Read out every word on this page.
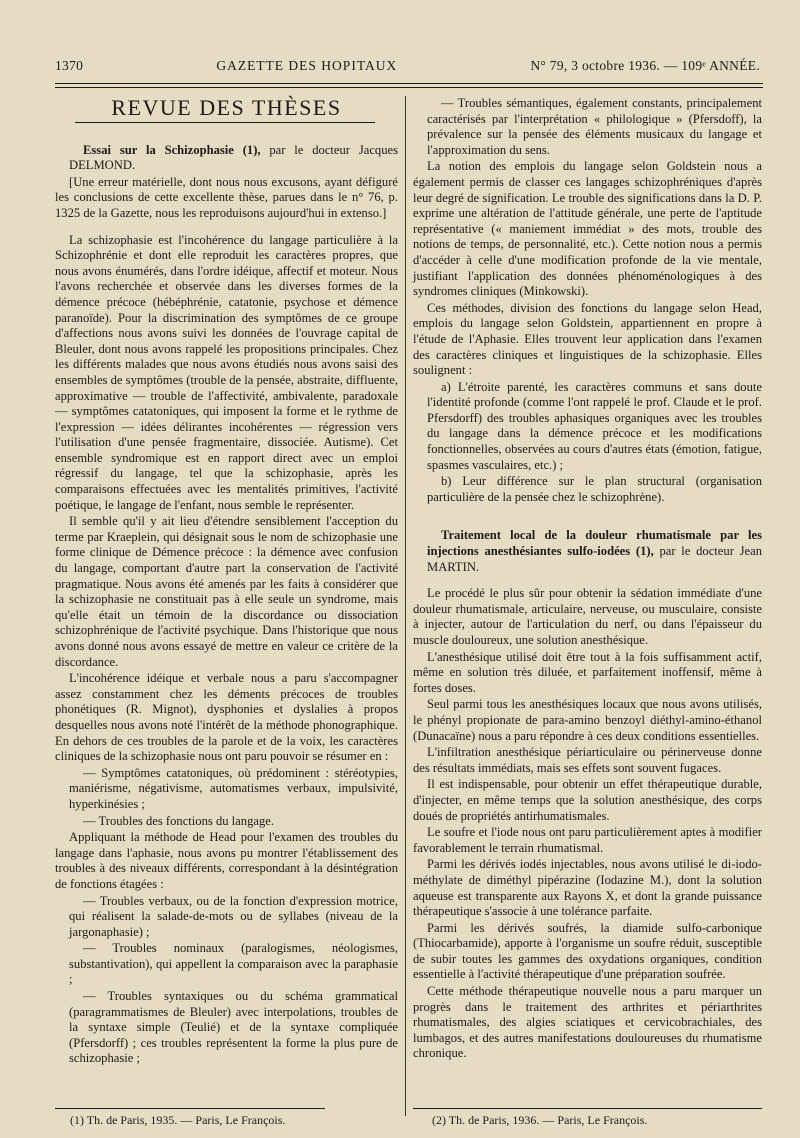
1370	GAZETTE DES HOPITAUX	N° 79, 3 octobre 1936. — 109ᵉ ANNÉE.
REVUE DES THÈSES

Essai sur la Schizophasie (1), par le docteur Jacques DELMOND.

[Une erreur matérielle, dont nous nous excusons, ayant défiguré les conclusions de cette excellente thèse, parues dans le n° 76, p. 1325 de la Gazette, nous les reproduisons aujourd'hui in extenso.]

La schizophasie est l'incohérence du langage particulière à la Schizophrénie et dont elle reproduit les caractères propres, que nous avons énumérés, dans l'ordre idéique, affectif et moteur. Nous l'avons recherchée et observée dans les diverses formes de la démence précoce (hébéphrénie, catatonie, psychose et démence paranoïde). Pour la discrimination des symptômes de ce groupe d'affections nous avons suivi les données de l'ouvrage capital de Bleuler, dont nous avons rappelé les propositions principales. Chez les différents malades que nous avons étudiés nous avons saisi des ensembles de symptômes (trouble de la pensée, abstraite, diffluente, approximative — trouble de l'affectivité, ambivalente, paradoxale — symptômes catatoniques, qui imposent la forme et le rythme de l'expression — idées délirantes incohérentes — régression vers l'utilisation d'une pensée fragmentaire, dissociée. Autisme). Cet ensemble syndromique est en rapport direct avec un emploi régressif du langage, tel que la schizophasie, après les comparaisons effectuées avec les mentalités primitives, l'activité poétique, le langage de l'enfant, nous semble le représenter.

Il semble qu'il y ait lieu d'étendre sensiblement l'acception du terme par Kraeplein, qui désignait sous le nom de schizophasie une forme clinique de Démence précoce : la démence avec confusion du langage, comportant d'autre part la conservation de l'activité pragmatique. Nous avons été amenés par les faits à considérer que la schizophasie ne constituait pas à elle seule un syndrome, mais qu'elle était un témoin de la discordance ou dissociation schizophrénique de l'activité psychique. Dans l'historique que nous avons donné nous avons essayé de mettre en valeur ce critère de la discordance.

L'incohérence idéique et verbale nous a paru s'accompagner assez constamment chez les déments précoces de troubles phonétiques (R. Mignot), dysphonies et dyslalies à propos desquelles nous avons noté l'intérêt de la méthode phonographique. En dehors de ces troubles de la parole et de la voix, les caractères cliniques de la schizophasie nous ont paru pouvoir se résumer en :

— Symptômes catatoniques, où prédominent : stéréotypies, maniérisme, négativisme, automatismes verbaux, impulsivité, hyperkinésies ;

— Troubles des fonctions du langage.

Appliquant la méthode de Head pour l'examen des troubles du langage dans l'aphasie, nous avons pu montrer l'établissement des troubles à des niveaux différents, correspondant à la désintégration de fonctions étagées :

— Troubles verbaux, ou de la fonction d'expression motrice, qui réalisent la salade-de-mots ou de syllabes (niveau de la jargonaphasie) ;

— Troubles nominaux (paralogismes, néologismes, substantivation), qui appellent la comparaison avec la paraphasie ;

— Troubles syntaxiques ou du schéma grammatical (paragrammatismes de Bleuler) avec interpolations, troubles de la syntaxe simple (Teulié) et de la syntaxe compliquée (Pfersdorff) ; ces troubles représentent la forme la plus pure de schizophasie ;

— Troubles sémantiques, également constants, principalement caractérisés par l'interprétation « philologique » (Pfersdoff), la prévalence sur la pensée des éléments musicaux du langage et l'approximation du sens.

La notion des emplois du langage selon Goldstein nous a également permis de classer ces langages schizophréniques d'après leur degré de signification. Le trouble des significations dans la D. P. exprime une altération de l'attitude générale, une perte de l'aptitude représentative (« maniement immédiat » des mots, trouble des notions de temps, de personnalité, etc.). Cette notion nous a permis d'accéder à celle d'une modification profonde de la vie mentale, justifiant l'application des données phénoménologiques à des syndromes cliniques (Minkowski).

Ces méthodes, division des fonctions du langage selon Head, emplois du langage selon Goldstein, appartiennent en propre à l'étude de l'Aphasie. Elles trouvent leur application dans l'examen des caractères cliniques et linguistiques de la schizophasie. Elles soulignent :

a) L'étroite parenté, les caractères communs et sans doute l'identité profonde (comme l'ont rappelé le prof. Claude et le prof. Pfersdorff) des troubles aphasiques organiques avec les troubles du langage dans la démence précoce et les modifications fonctionnelles, observées au cours d'autres états (émotion, fatigue, spasmes vasculaires, etc.) ;

b) Leur différence sur le plan structural (organisation particulière de la pensée chez le schizophrène).

Traitement local de la douleur rhumatismale par les injections anesthésiantes sulfo-iodées (1), par le docteur Jean MARTIN.

Le procédé le plus sûr pour obtenir la sédation immédiate d'une douleur rhumatismale, articulaire, nerveuse, ou musculaire, consiste à injecter, autour de l'articulation du nerf, ou dans l'épaisseur du muscle douloureux, une solution anesthésique.

L'anesthésique utilisé doit être tout à la fois suffisamment actif, même en solution très diluée, et parfaitement inoffensif, même à fortes doses.

Seul parmi tous les anesthésiques locaux que nous avons utilisés, le phényl propionate de para-amino benzoyl diéthyl-amino-éthanol (Dunacaïne) nous a paru répondre à ces deux conditions essentielles.

L'infiltration anesthésique périarticulaire ou périnerveuse donne des résultats immédiats, mais ses effets sont souvent fugaces.

Il est indispensable, pour obtenir un effet thérapeutique durable, d'injecter, en même temps que la solution anesthésique, des corps doués de propriétés antirhumatismales.

Le soufre et l'iode nous ont paru particulièrement aptes à modifier favorablement le terrain rhumatismal.

Parmi les dérivés iodés injectables, nous avons utilisé le di-iodo-méthylate de diméthyl pipérazine (Iodazine M.), dont la solution aqueuse est transparente aux Rayons X, et dont la grande puissance thérapeutique s'associe à une tolérance parfaite.

Parmi les dérivés soufrés, la diamide sulfo-carbonique (Thiocarbamide), apporte à l'organisme un soufre réduit, susceptible de subir toutes les gammes des oxydations organiques, condition essentielle à l'activité thérapeutique d'une préparation soufrée.

Cette méthode thérapeutique nouvelle nous a paru marquer un progrès dans le traitement des arthrites et périarthrites rhumatismales, des algies sciatiques et cervicobrachiales, des lumbagos, et des autres manifestations douloureuses du rhumatisme chronique.

(1) Th. de Paris, 1935. — Paris, Le François.	(2) Th. de Paris, 1936. — Paris, Le François.
